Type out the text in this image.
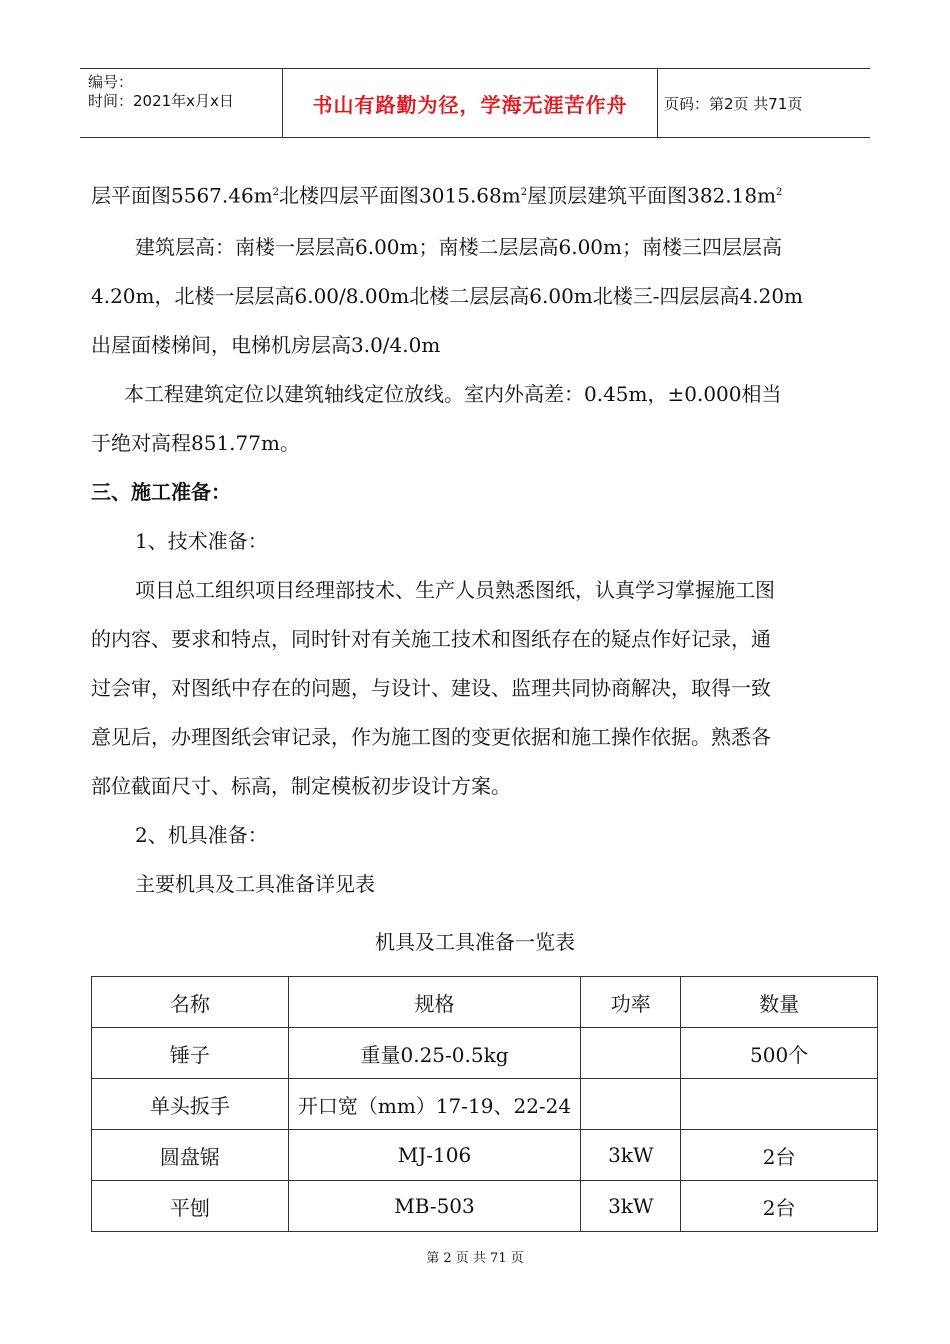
编号：
时间：2021年x月x日	书山有路勤为径，学海无涯苦作舟 页码：第2页 共71页

层平面图$5567.46m^2$北楼四层平面图$3015.68m^2$屋顶层建筑平面图$382.18m^2$

建筑层高：南楼一层层高6.00m；南楼二层层高6.00m；南楼三四层层高

4.20m，北楼一层层高6.00/8.00m北楼二层层高6.00m北楼三-四层层高4.20m

出屋面楼梯间，电梯机房层高3.0/4.0m

本工程建筑定位以建筑轴线定位放线。室内外高差：0.45m，±0.000相当

于绝对高程851.77m。

三、施工准备：

1、技术准备：

项目总工组织项目经理部技术、生产人员熟悉图纸，认真学习掌握施工图

的内容、要求和特点，同时针对有关施工技术和图纸存在的疑点作好记录，通

过会审，对图纸中存在的问题，与设计、建设、监理共同协商解决，取得一致

意见后，办理图纸会审记录，作为施工图的变更依据和施工操作依据。熟悉各

部位截面尺寸、标高，制定模板初步设计方案。

2、机具准备：

主要机具及工具准备详见表

机具及工具准备一览表
名称	规格	功率	数量
锤子	重量0.25-0.5kg		500个
单头扳手	开口宽（mm）17-19、22-24		
圆盘锯	MJ-106	3kW	2台
平刨	MB-503	3kW	2台
第 2 页 共 71 页
